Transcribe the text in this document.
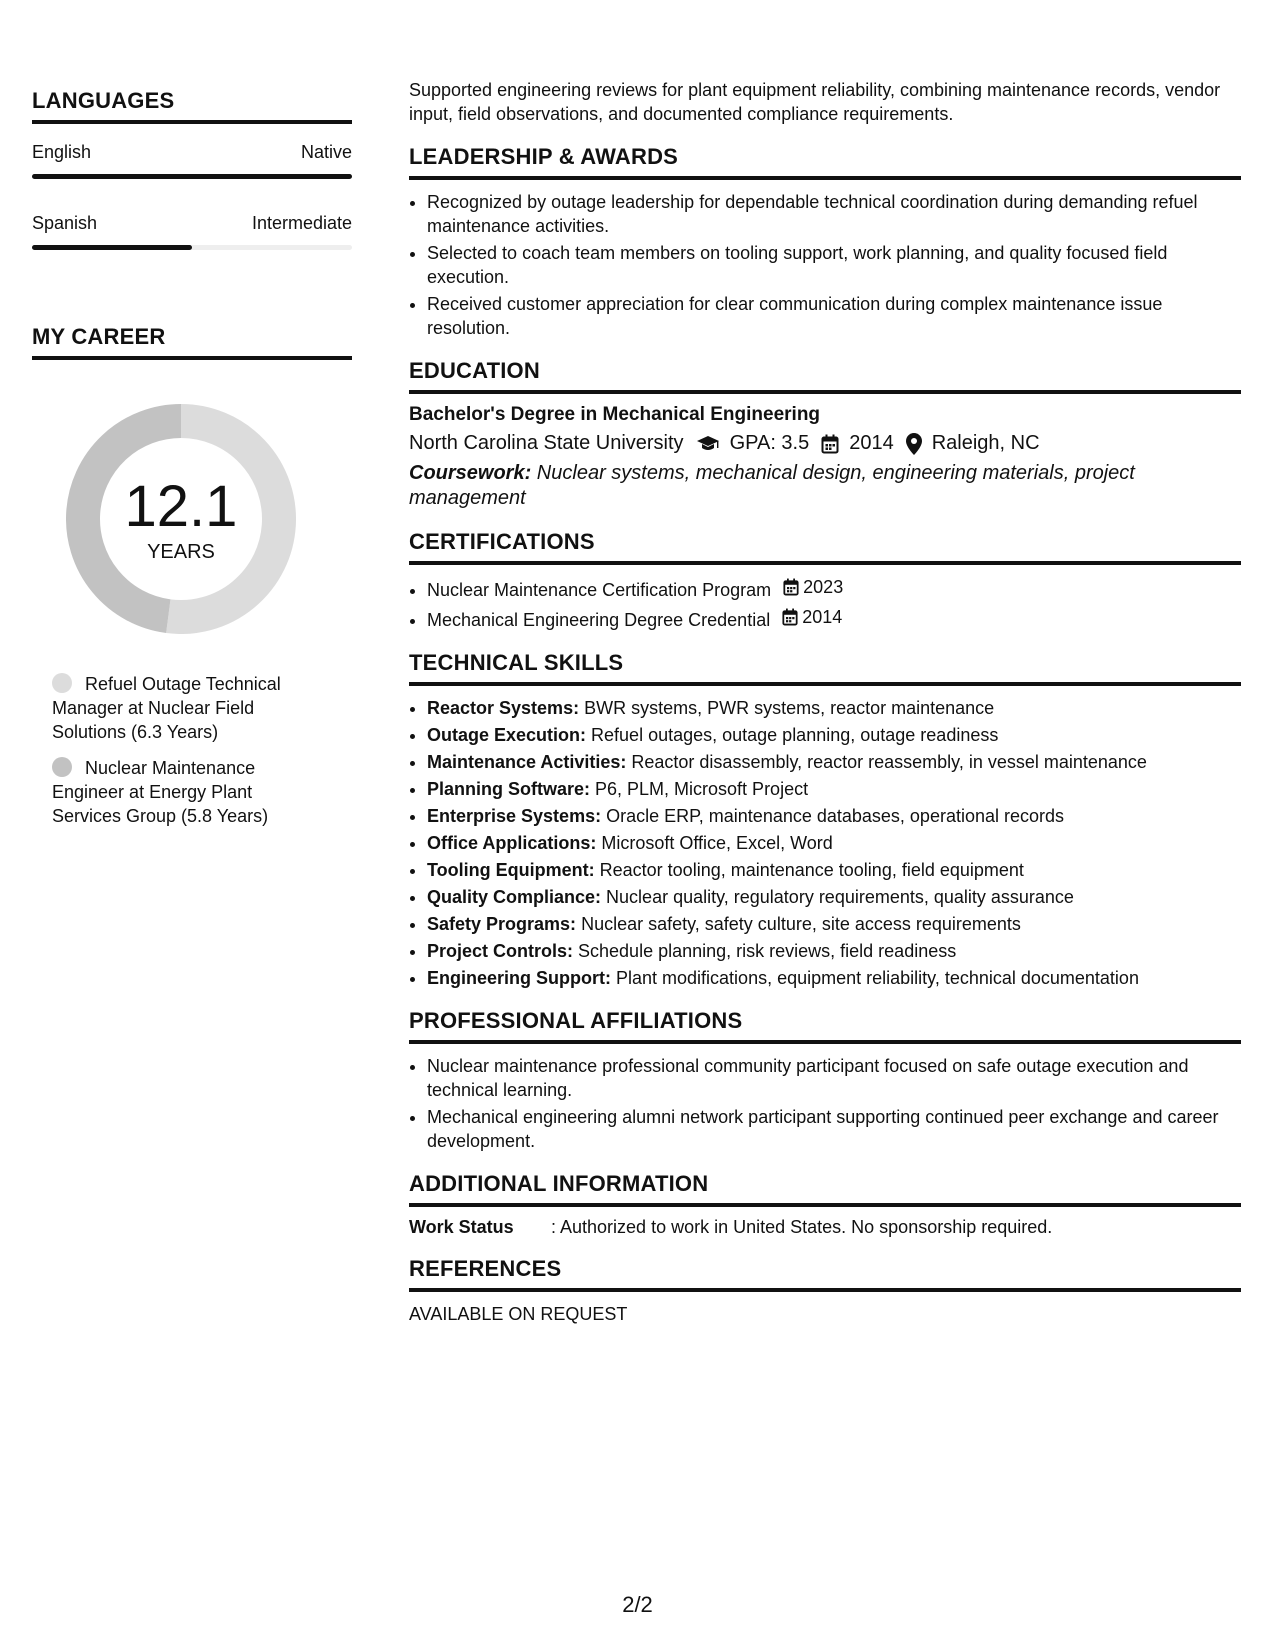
LANGUAGES
English	Native
Spanish	Intermediate
MY CAREER
12.1
YEARS
Refuel Outage Technical Manager at Nuclear Field Solutions (6.3 Years)
Nuclear Maintenance Engineer at Energy Plant Services Group (5.8 Years)

Supported engineering reviews for plant equipment reliability, combining maintenance records, vendor input, field observations, and documented compliance requirements.

LEADERSHIP & AWARDS
• Recognized by outage leadership for dependable technical coordination during demanding refuel maintenance activities.
• Selected to coach team members on tooling support, work planning, and quality focused field execution.
• Received customer appreciation for clear communication during complex maintenance issue resolution.
EDUCATION
Bachelor's Degree in Mechanical Engineering
North Carolina State University GPA: 3.5 2014 Raleigh, NC
Coursework: Nuclear systems, mechanical design, engineering materials, project management
CERTIFICATIONS
• Nuclear Maintenance Certification Program 2023
• Mechanical Engineering Degree Credential 2014
TECHNICAL SKILLS
• Reactor Systems: BWR systems, PWR systems, reactor maintenance
• Outage Execution: Refuel outages, outage planning, outage readiness
• Maintenance Activities: Reactor disassembly, reactor reassembly, in vessel maintenance
• Planning Software: P6, PLM, Microsoft Project
• Enterprise Systems: Oracle ERP, maintenance databases, operational records
• Office Applications: Microsoft Office, Excel, Word
• Tooling Equipment: Reactor tooling, maintenance tooling, field equipment
• Quality Compliance: Nuclear quality, regulatory requirements, quality assurance
• Safety Programs: Nuclear safety, safety culture, site access requirements
• Project Controls: Schedule planning, risk reviews, field readiness
• Engineering Support: Plant modifications, equipment reliability, technical documentation
PROFESSIONAL AFFILIATIONS
• Nuclear maintenance professional community participant focused on safe outage execution and technical learning.
• Mechanical engineering alumni network participant supporting continued peer exchange and career development.
ADDITIONAL INFORMATION
Work Status	: Authorized to work in United States. No sponsorship required.
REFERENCES
AVAILABLE ON REQUEST
2/2
